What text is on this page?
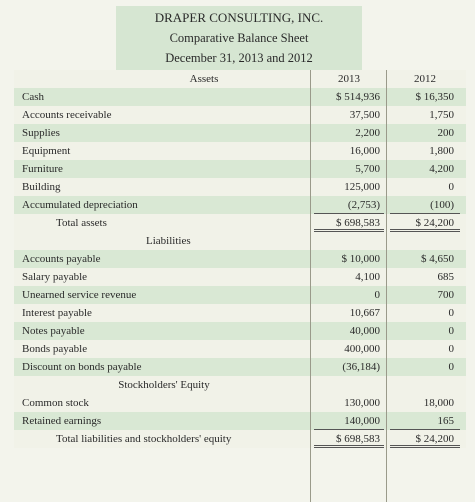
DRAPER CONSULTING, INC.
Comparative Balance Sheet
December 31, 2013 and 2012
Assets	2013	2012
Cash	$ 514,936	$ 16,350
Accounts receivable	37,500	1,750
Supplies	2,200	200
Equipment	16,000	1,800
Furniture	5,700	4,200
Building	125,000	0
Accumulated depreciation	(2,753)	(100)
Total assets	$ 698,583	$ 24,200
Liabilities
Accounts payable	$ 10,000	$ 4,650
Salary payable	4,100	685
Unearned service revenue	0	700
Interest payable	10,667	0
Notes payable	40,000	0
Bonds payable	400,000	0
Discount on bonds payable	(36,184)	0
Stockholders' Equity
Common stock	130,000	18,000
Retained earnings	140,000	165
Total liabilities and stockholders' equity	$ 698,583	$ 24,200
